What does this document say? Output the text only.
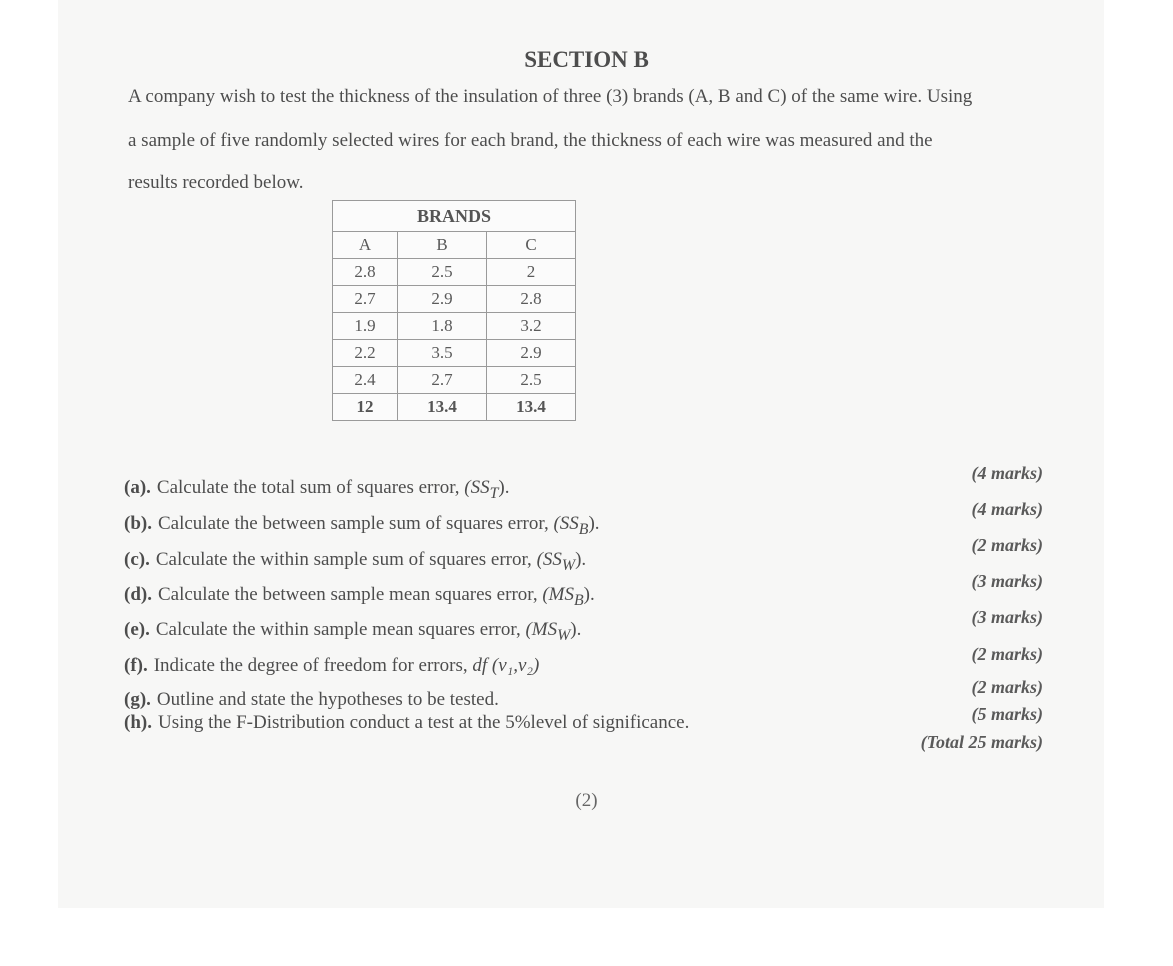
SECTION B
A company wish to test the thickness of the insulation of three (3) brands (A, B and C) of the same wire. Using
a sample of five randomly selected wires for each brand, the thickness of each wire was measured and the
results recorded below.
BRANDS		
A	B	C
2.8	2.5	2
2.7	2.9	2.8
1.9	1.8	3.2
2.2	3.5	2.9
2.4	2.7	2.5
12	13.4	13.4
(a). Calculate the total sum of squares error, $(SS_T)$.
(b). Calculate the between sample sum of squares error, $(SS_B)$.
(c). Calculate the within sample sum of squares error, $(SS_W)$.
(d). Calculate the between sample mean squares error, $(MS_B)$.
(e). Calculate the within sample mean squares error, $(MS_W)$.
(f). Indicate the degree of freedom for errors, df (v₁,v₂)
(g). Outline and state the hypotheses to be tested.
(h). Using the F-Distribution conduct a test at the 5%level of significance.
(4 marks)
(4 marks)
(2 marks)
(3 marks)
(3 marks)
(2 marks)
(2 marks)
(5 marks)
(Total 25 marks)
(2)
